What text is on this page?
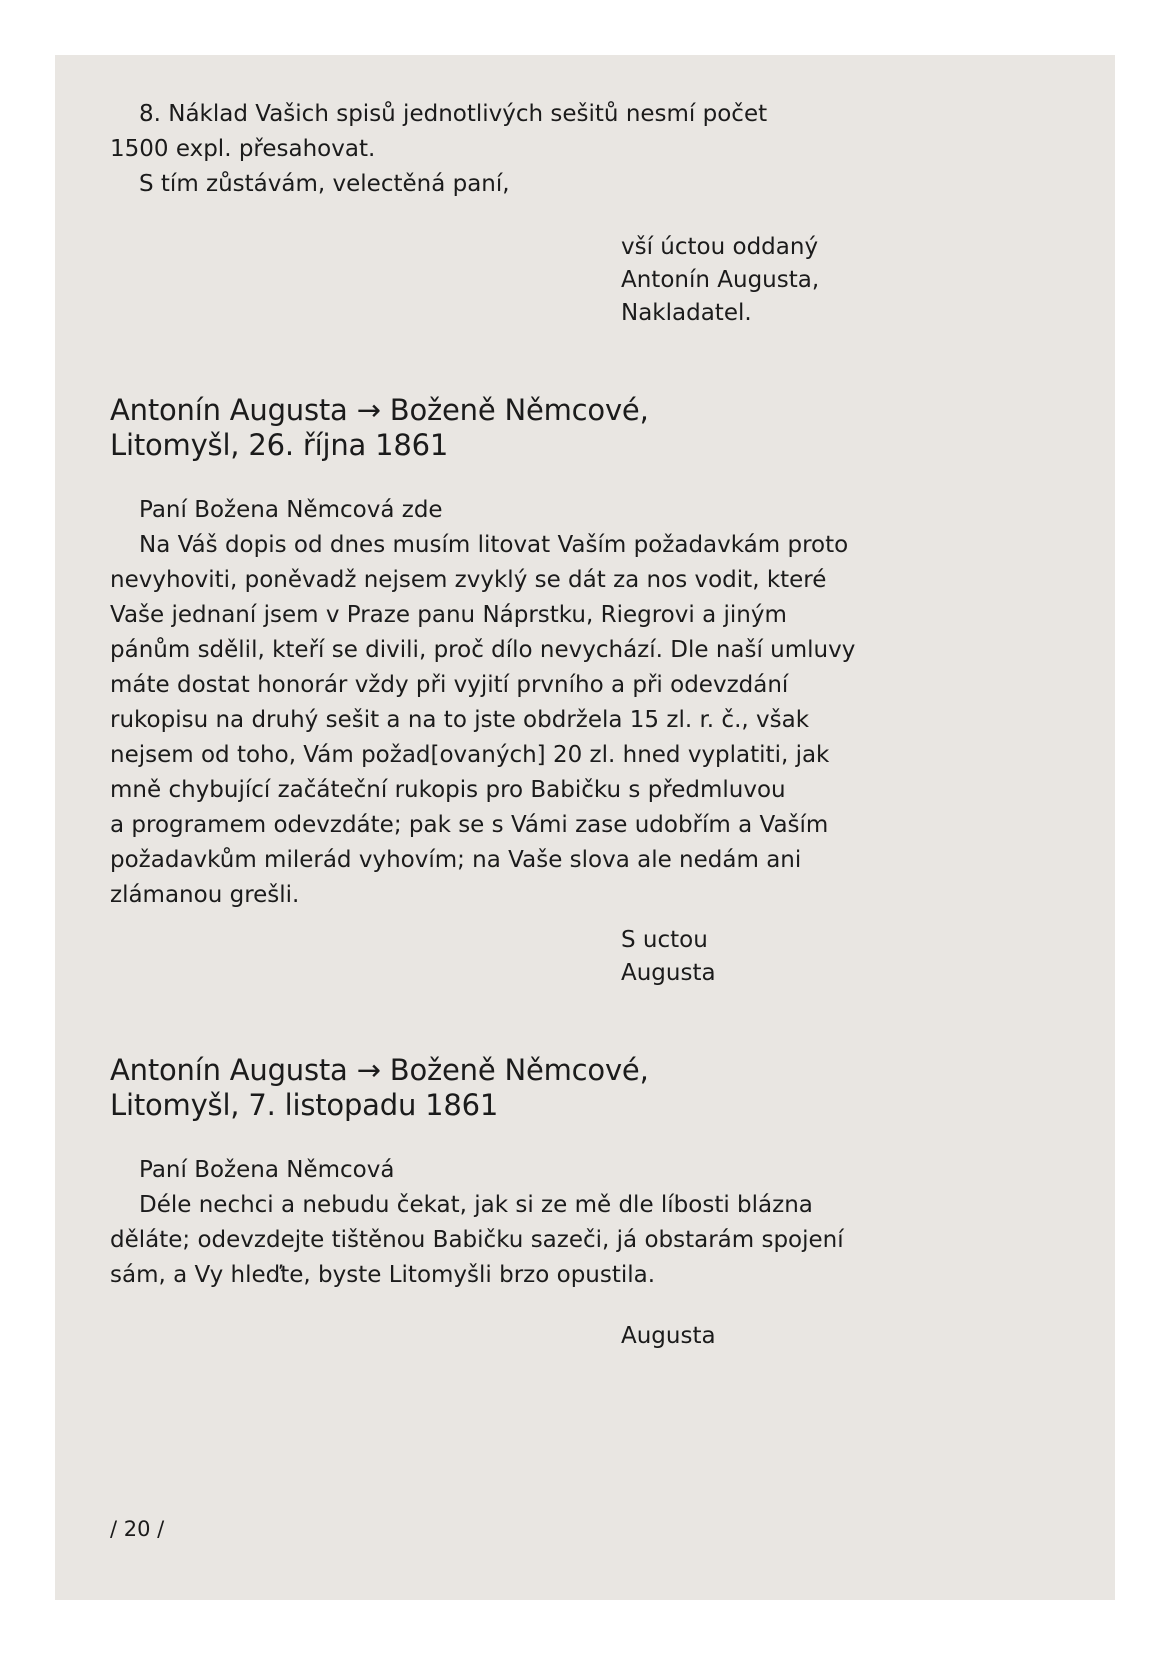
8. Náklad Vašich spisů jednotlivých sešitů nesmí počet
1500 expl. přesahovat.

S tím zůstávám, velectěná paní,

vší úctou oddaný

Antonín Augusta,

Nakladatel.

Antonín Augusta → Boženě Němcové,

Litomyšl, 26. října 1861

Paní Božena Němcová zde

Na Váš dopis od dnes musím litovat Vaším požadavkám proto
nevyhoviti, poněvadž nejsem zvyklý se dát za nos vodit, které
Vaše jednaní jsem v Praze panu Náprstku, Riegrovi a jiným
pánům sdělil, kteří se divili, proč dílo nevychází. Dle naší umluvy
máte dostat honorár vždy při vyjití prvního a při odevzdání
rukopisu na druhý sešit a na to jste obdržela 15 zl. r. č., však
nejsem od toho, Vám požad[ovaných] 20 zl. hned vyplatiti, jak
mně chybující začáteční rukopis pro Babičku s předmluvou
a programem odevzdáte; pak se s Vámi zase udobřím a Vaším
požadavkům milerád vyhovím; na Vaše slova ale nedám ani
zlámanou grešli.

S uctou

Augusta

Antonín Augusta → Boženě Němcové,

Litomyšl, 7. listopadu 1861

Paní Božena Němcová

Déle nechci a nebudu čekat, jak si ze mě dle líbosti blázna
děláte; odevzdejte tištěnou Babičku sazeči, já obstarám spojení
sám, a Vy hleďte, byste Litomyšli brzo opustila.

Augusta

/ 20 /
